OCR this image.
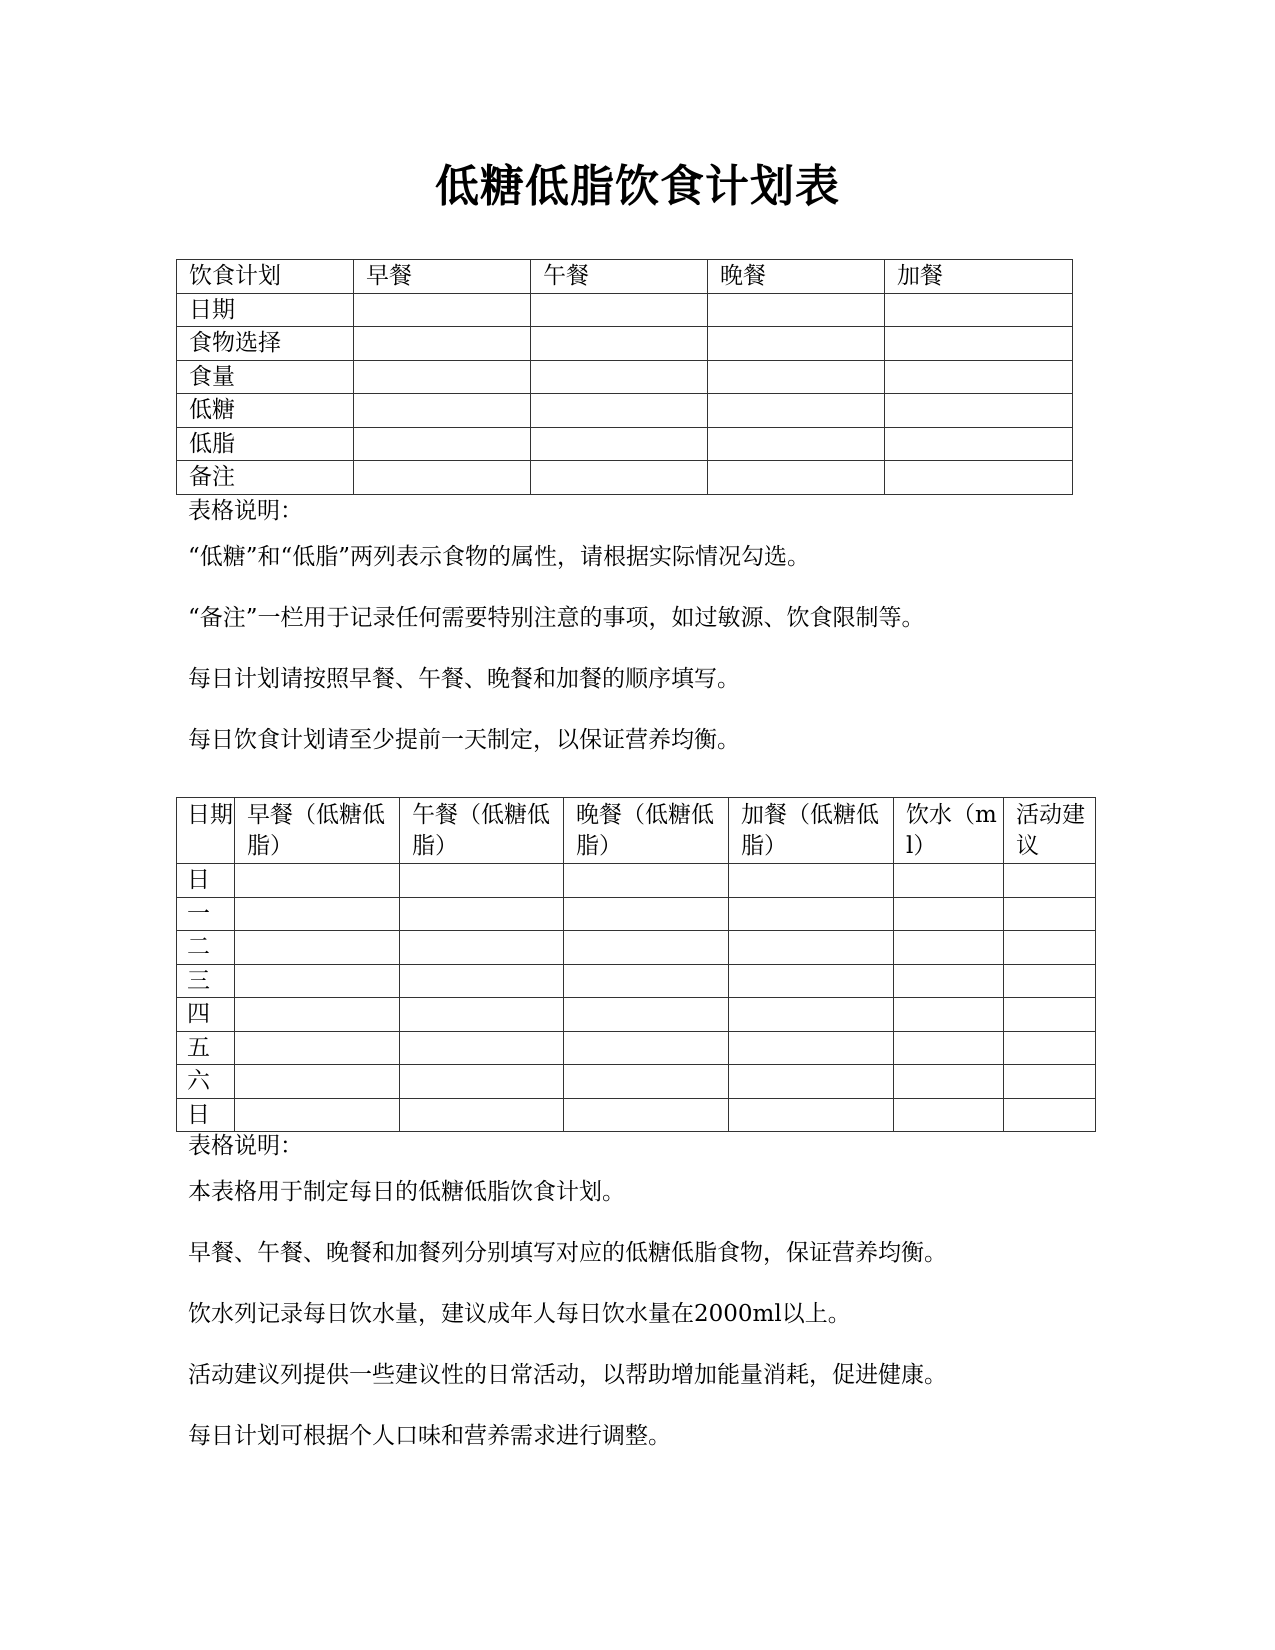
低糖低脂饮食计划表
饮食计划	早餐	午餐	晚餐	加餐
日期				
食物选择				
食量				
低糖				
低脂				
备注				

表格说明：

“低糖”和“低脂”两列表示食物的属性，请根据实际情况勾选。
“备注”一栏用于记录任何需要特别注意的事项，如过敏源、饮食限制等。
每日计划请按照早餐、午餐、晚餐和加餐的顺序填写。
每日饮食计划请至少提前一天制定，以保证营养均衡。
日期	早餐（低糖低脂）	午餐（低糖低脂）	晚餐（低糖低脂）	加餐（低糖低脂）	饮水（ml）	活动建议
日						
一						
二						
三						
四						
五						
六						
日						

表格说明：

本表格用于制定每日的低糖低脂饮食计划。
早餐、午餐、晚餐和加餐列分别填写对应的低糖低脂食物，保证营养均衡。
饮水列记录每日饮水量，建议成年人每日饮水量在2000ml以上。
活动建议列提供一些建议性的日常活动，以帮助增加能量消耗，促进健康。
每日计划可根据个人口味和营养需求进行调整。
